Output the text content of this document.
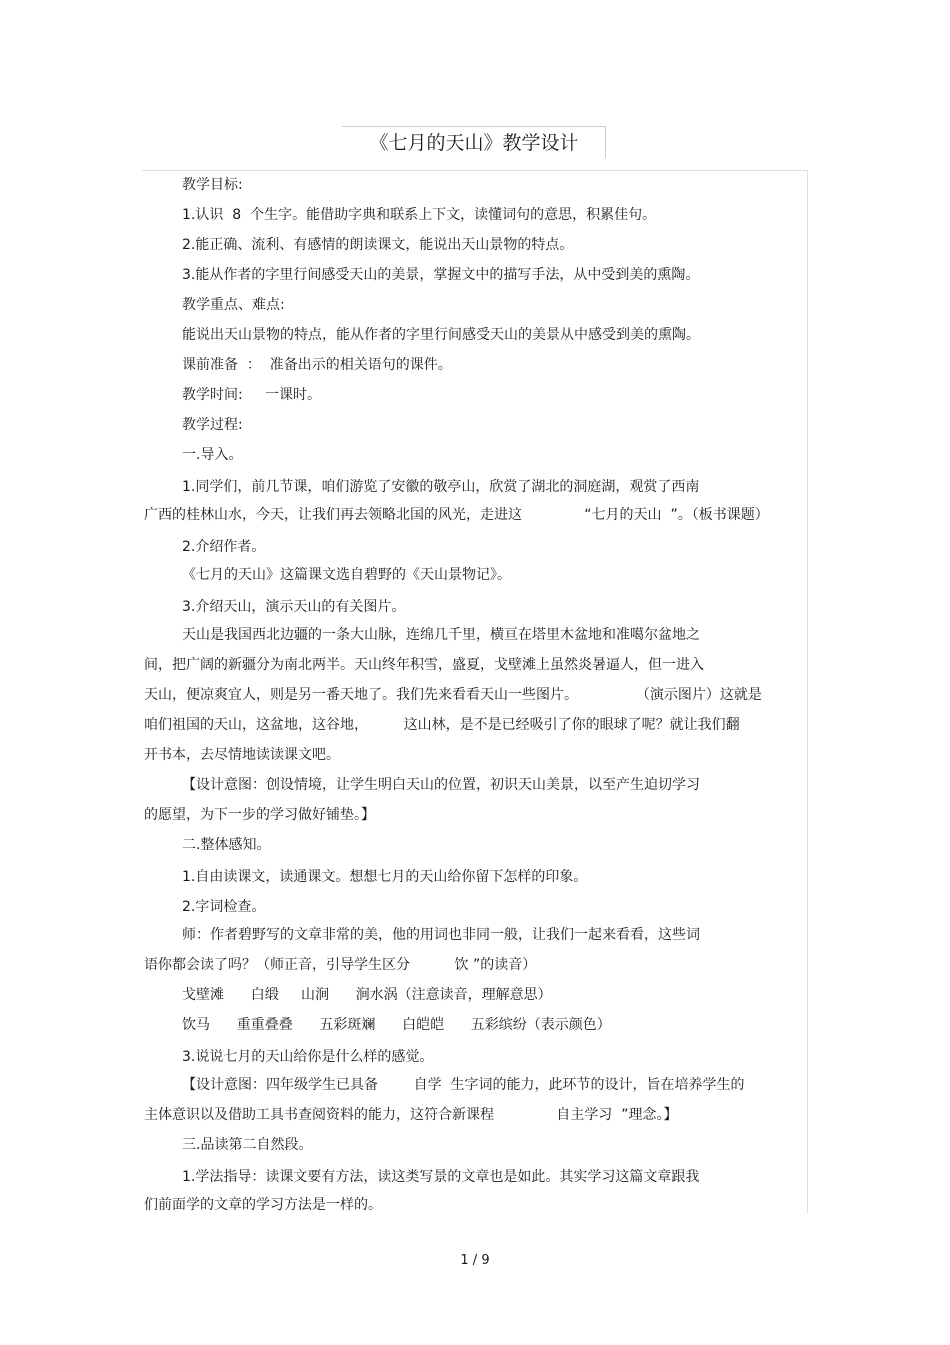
《七月的天山》教学设计
教学目标:
1.认识  8  个生字。能借助字典和联系上下文，读懂词句的意思，积累佳句。
2.能正确、流利、有感情的朗读课文，能说出天山景物的特点。
3.能从作者的字里行间感受天山的美景，掌握文中的描写手法，从中受到美的熏陶。
教学重点、难点:
能说出天山景物的特点，能从作者的字里行间感受天山的美景从中感受到美的熏陶。
课前准备  ：  准备出示的相关语句的课件。
教学时间:     一课时。
教学过程:
一.导入。
1.同学们，前几节课，咱们游览了安徽的敬亭山，欣赏了湖北的洞庭湖，观赏了西南
广西的桂林山水，今天，让我们再去领略北国的风光，走进这              “七月的天山  ”。（板书课题）
2.介绍作者。
《七月的天山》这篇课文选自碧野的《天山景物记》。
3.介绍天山，演示天山的有关图片。
天山是我国西北边疆的一条大山脉，连绵几千里，横亘在塔里木盆地和准噶尔盆地之
间，把广阔的新疆分为南北两半。天山终年积雪，盛夏，戈壁滩上虽然炎暑逼人，但一进入
天山，便凉爽宜人，则是另一番天地了。我们先来看看天山一些图片。             （演示图片）这就是
咱们祖国的天山，这盆地，这谷地，        这山林，是不是已经吸引了你的眼球了呢？就让我们翻
开书本，去尽情地读读课文吧。
【设计意图：创设情境，让学生明白天山的位置，初识天山美景，以至产生迫切学习
的愿望，为下一步的学习做好铺垫。】
二.整体感知。
1.自由读课文，读通课文。想想七月的天山给你留下怎样的印象。
2.字词检查。
师：作者碧野写的文章非常的美，他的用词也非同一般，让我们一起来看看，这些词
语你都会读了吗？（师正音，引导学生区分          饮 ”的读音）
戈壁滩      白缎     山涧      涧水涡（注意读音，理解意思）
饮马      重重叠叠      五彩斑斓      白皑皑      五彩缤纷（表示颜色）
3.说说七月的天山给你是什么样的感觉。
【设计意图：四年级学生已具备        自学  生字词的能力，此环节的设计，旨在培养学生的
主体意识以及借助工具书查阅资料的能力，这符合新课程              自主学习  ”理念。】
三.品读第二自然段。
1.学法指导：读课文要有方法，读这类写景的文章也是如此。其实学习这篇文章跟我
们前面学的文章的学习方法是一样的。
1 / 9
